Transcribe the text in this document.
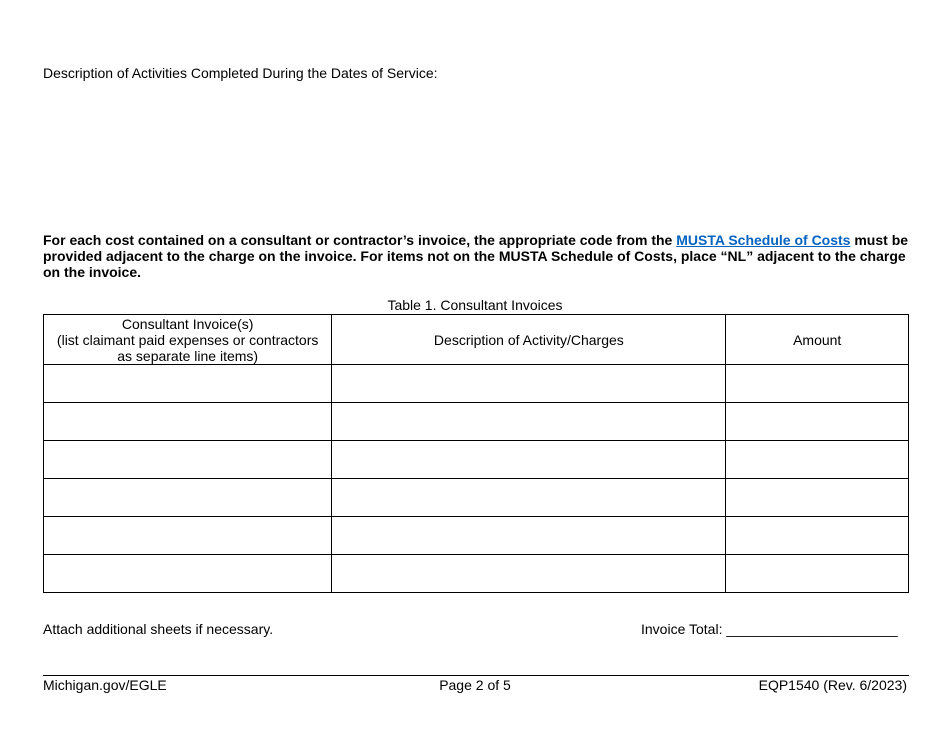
Description of Activities Completed During the Dates of Service:
For each cost contained on a consultant or contractor’s invoice, the appropriate code from the MUSTA Schedule of Costs must be provided adjacent to the charge on the invoice. For items not on the MUSTA Schedule of Costs, place “NL” adjacent to the charge on the invoice.
Table 1. Consultant Invoices
Consultant Invoice(s)
(list claimant paid expenses or contractors
as separate line items)	Description of Activity/Charges	Amount

Attach additional sheets if necessary.	Invoice Total: ______________________
Michigan.gov/EGLE	Page 2 of 5	EQP1540 (Rev. 6/2023)
